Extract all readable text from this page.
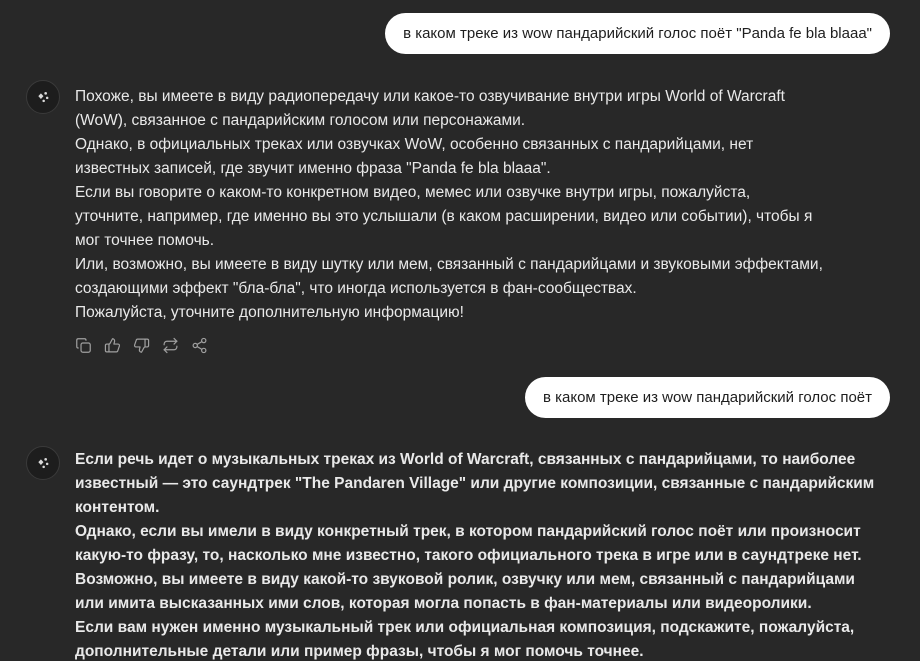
в каком треке из wow пандарийский голос поёт "Panda fe bla blaaa"
Похоже, вы имеете в виду радиопередачу или какое-то озвучивание внутри игры World of Warcraft
(WoW), связанное с пандарийским голосом или персонажами.
Однако, в официальных треках или озвучках WoW, особенно связанных с пандарийцами, нет
известных записей, где звучит именно фраза "Panda fe bla blaaa".
Если вы говорите о каком-то конкретном видео, мемес или озвучке внутри игры, пожалуйста,
уточните, например, где именно вы это услышали (в каком расширении, видео или событии), чтобы я
мог точнее помочь.
Или, возможно, вы имеете в виду шутку или мем, связанный с пандарийцами и звуковыми эффектами,
создающими эффект "бла-бла", что иногда используется в фан-сообществах.
Пожалуйста, уточните дополнительную информацию!
в каком треке из wow пандарийский голос поёт
Если речь идет о музыкальных треках из World of Warcraft, связанных с пандарийцами, то наиболее
известный — это саундтрек "The Pandaren Village" или другие композиции, связанные с пандарийским
контентом.
Однако, если вы имели в виду конкретный трек, в котором пандарийский голос поёт или произносит
какую-то фразу, то, насколько мне известно, такого официального трека в игре или в саундтреке нет.
Возможно, вы имеете в виду какой-то звуковой ролик, озвучку или мем, связанный с пандарийцами
или имита высказанных ими слов, которая могла попасть в фан-материалы или видеоролики.
Если вам нужен именно музыкальный трек или официальная композиция, подскажите, пожалуйста,
дополнительные детали или пример фразы, чтобы я мог помочь точнее.
